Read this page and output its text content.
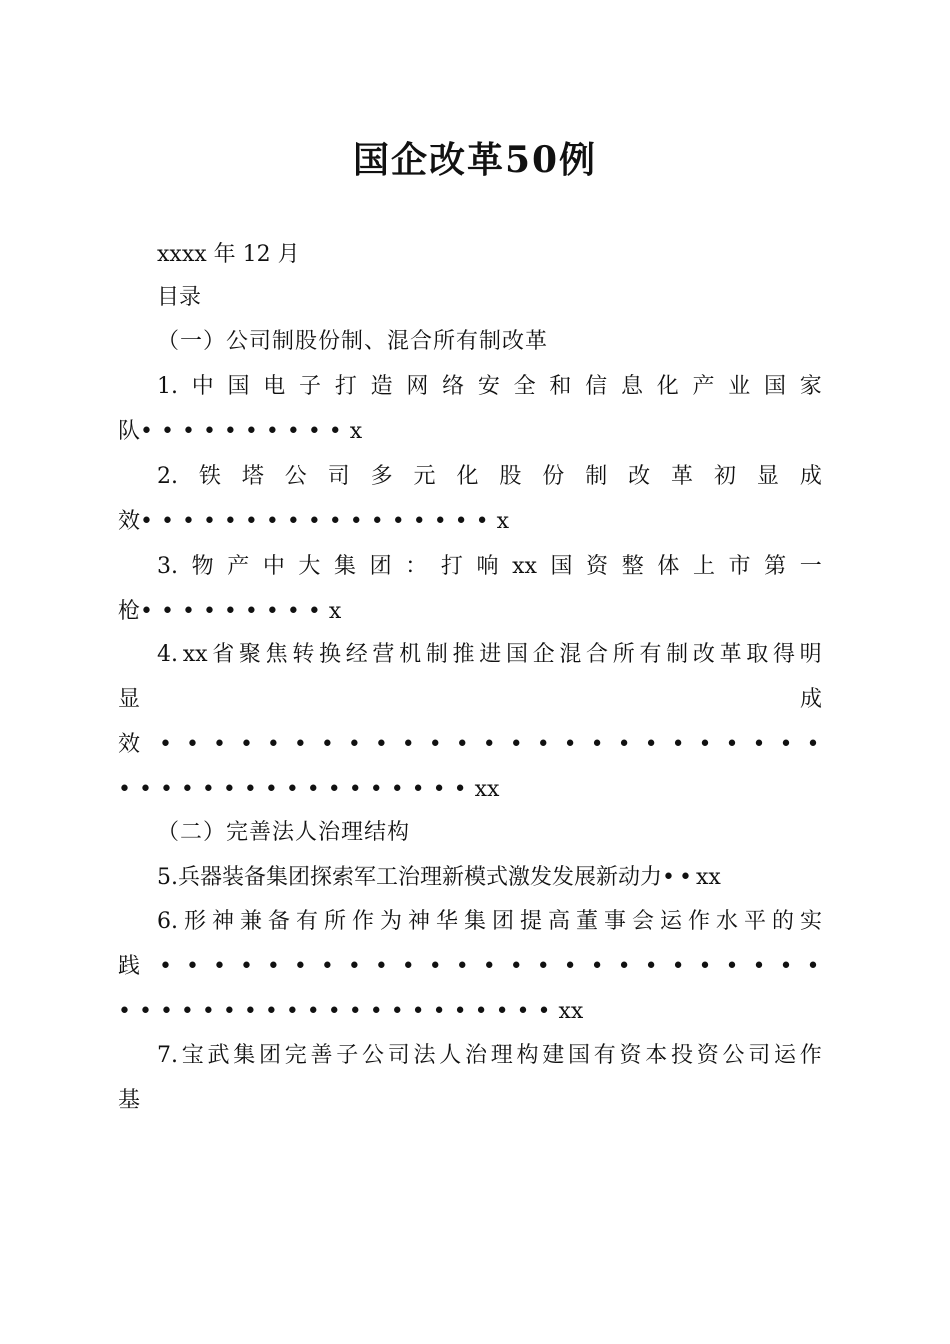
国企改革50例
xxxx 年 12 月
目录
（一）公司制股份制、混合所有制改革
1. 中 国 电 子 打 造 网 络 安 全 和 信 息 化 产 业 国 家
队••••••••••x
2. 铁 塔 公 司 多 元 化 股 份 制 改 革 初 显 成
效•••••••••••••••••x
3. 物 产 中 大 集 团 ： 打 响 xx 国 资 整 体 上 市 第 一
枪•••••••••x
4. xx 省 聚 焦 转 换 经 营 机 制 推 进 国 企 混 合 所 有 制 改 革 取 得 明
显	成
效 •••••••••••••••••••••••••
•••••••••••••••••xx
（二）完善法人治理结构
5.兵器装备集团探索军工治理新模式激发发展新动力••xx
6. 形 神 兼 备 有 所 作 为 神 华 集 团 提 高 董 事 会 运 作 水 平 的 实
践 •••••••••••••••••••••••••
•••••••••••••••••••••xx
7. 宝 武 集 团 完 善 子 公 司 法 人 治 理 构 建 国 有 资 本 投 资 公 司 运 作
基
